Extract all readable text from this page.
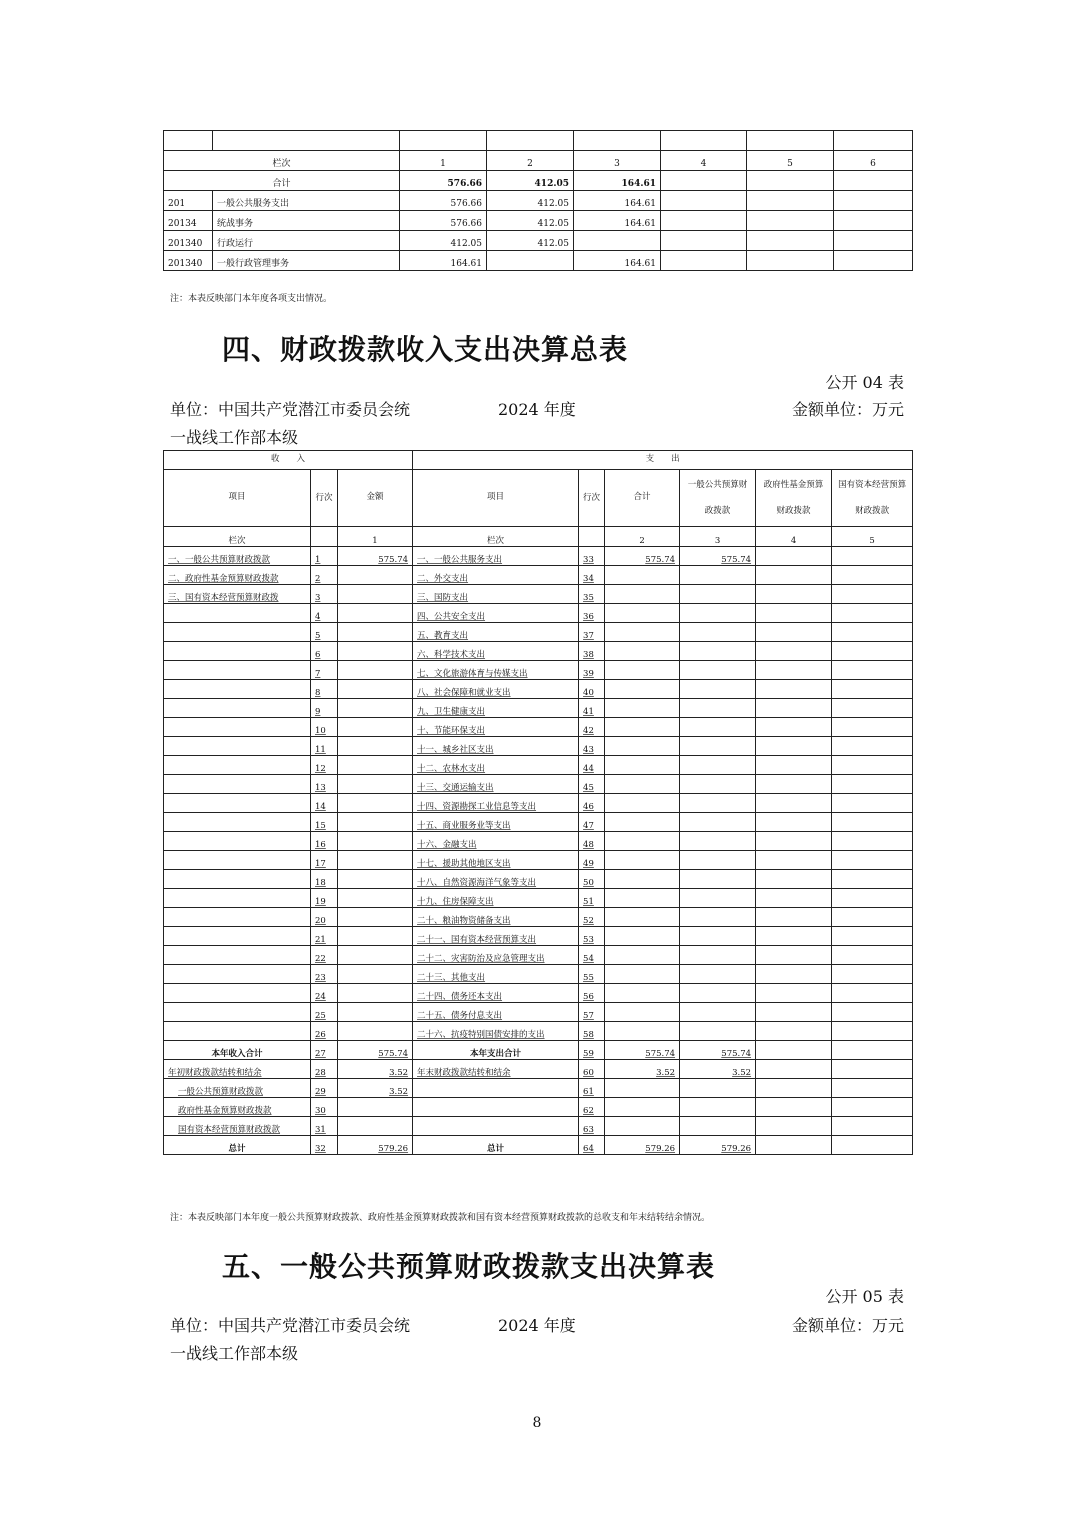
栏次		1	2	3	4	5	6
合计		576.66	412.05	164.61			
201	一般公共服务支出	576.66	412.05	164.61			
20134	统战事务	576.66	412.05	164.61			
201340	行政运行	412.05	412.05				
201340	一般行政管理事务	164.61		164.61			
注：本表反映部门本年度各项支出情况。
四、财政拨款收入支出决算总表
公开 04 表
单位：中国共产党潜江市委员会统	2024 年度	金额单位：万元
一战线工作部本级
收　　入			支　　出					
项目	行次	金额	项目	行次	合计	一般公共预算财政拨款	政府性基金预算财政拨款	国有资本经营预算财政拨款
栏次		1	栏次		2	3	4	5
一、一般公共预算财政拨款	1	575.74	一、一般公共服务支出	33	575.74	575.74		
二、政府性基金预算财政拨款	2		二、外交支出	34				
三、国有资本经营预算财政拨	3		三、国防支出	35				
	4		四、公共安全支出	36				
	5		五、教育支出	37				
	6		六、科学技术支出	38				
	7		七、文化旅游体育与传媒支出	39				
	8		八、社会保障和就业支出	40				
	9		九、卫生健康支出	41				
	10		十、节能环保支出	42				
	11		十一、城乡社区支出	43				
	12		十二、农林水支出	44				
	13		十三、交通运输支出	45				
	14		十四、资源勘探工业信息等支出	46				
	15		十五、商业服务业等支出	47				
	16		十六、金融支出	48				
	17		十七、援助其他地区支出	49				
	18		十八、自然资源海洋气象等支出	50				
	19		十九、住房保障支出	51				
	20		二十、粮油物资储备支出	52				
	21		二十一、国有资本经营预算支出	53				
	22		二十二、灾害防治及应急管理支出	54				
	23		二十三、其他支出	55				
	24		二十四、债务还本支出	56				
	25		二十五、债务付息支出	57				
	26		二十六、抗疫特别国债安排的支出	58				
本年收入合计	27	575.74	本年支出合计	59	575.74	575.74		
年初财政拨款结转和结余	28	3.52	年末财政拨款结转和结余	60	3.52	3.52		
一般公共预算财政拨款	29	3.52		61				
政府性基金预算财政拨款	30			62				
国有资本经营预算财政拨款	31			63				
总计	32	579.26	总计	64	579.26	579.26		
注：本表反映部门本年度一般公共预算财政拨款、政府性基金预算财政拨款和国有资本经营预算财政拨款的总收支和年末结转结余情况。
五、一般公共预算财政拨款支出决算表
公开 05 表
单位：中国共产党潜江市委员会统	2024 年度	金额单位：万元
一战线工作部本级
8
